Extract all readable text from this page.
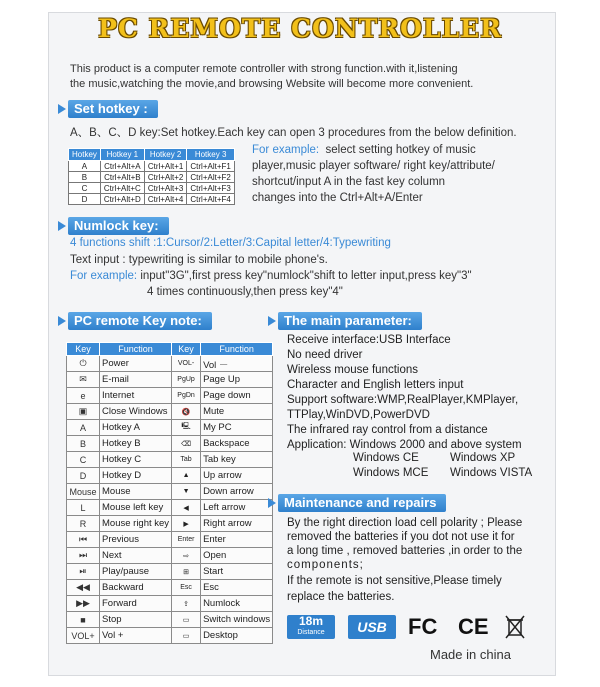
PC REMOTE CONTROLLER
This product is a computer remote controller with strong function.with it,listening
the music,watching the movie,and browsing Website will become more convenient.
Set hotkey :
A、B、C、D key:Set hotkey.Each key can open 3 procedures from the below definition.
Hotkey	Hotkey 1	Hotkey 2	Hotkey 3
A	Ctrl+Alt+A	Ctrl+Alt+1	Ctrl+Alt+F1
B	Ctrl+Alt+B	Ctrl+Alt+2	Ctrl+Alt+F2
C	Ctrl+Alt+C	Ctrl+Alt+3	Ctrl+Alt+F3
D	Ctrl+Alt+D	Ctrl+Alt+4	Ctrl+Alt+F4
For example: select setting hotkey of music
player,music player software/ right key/attribute/
shortcut/input A in the fast key column
changes into the Ctrl+Alt+A/Enter
Numlock key:
4 functions shift :1:Cursor/2:Letter/3:Capital letter/4:Typewriting
Text input : typewriting is similar to mobile phone's.
For example: input"3G",first press key"numlock"shift to letter input,press key"3"
4 times continuously,then press key"4"
PC remote Key note:
Key	Function	Key	Function
⏻	Power	VOL-	Vol －
✉	E-mail	PgUp	Page Up
e	Internet	PgDn	Page down
▣	Close Windows	🔇	Mute
A	Hotkey A	🖳	My PC
B	Hotkey B	⌫	Backspace
C	Hotkey C	Tab	Tab key
D	Hotkey D	▲	Up arrow
Mouse	Mouse	▼	Down arrow
L	Mouse left key	◀	Left arrow
R	Mouse right key	▶	Right arrow
⏮	Previous	Enter	Enter
⏭	Next	⇨	Open
⏯	Play/pause	⊞	Start
◀◀	Backward	Esc	Esc
▶▶	Forward	⇪	Numlock
■	Stop	▭	Switch windows
VOL+	Vol +	▭	Desktop
The main parameter:
Receive interface:USB Interface
No need driver
Wireless mouse functions
Character and English letters input
Support software:WMP,RealPlayer,KMPlayer,
TTPlay,WinDVD,PowerDVD
The infrared ray control from a distance
Application: Windows 2000 and above system
Windows CE	Windows XP
Windows MCE Windows VISTA
Maintenance and repairs
By the right direction load cell polarity ; Please
removed the batteries if you dot not use it for
a long time , removed batteries ,in order to the
components;
If the remote is not sensitive,Please timely
replace the batteries.
18m
Distance	USB FC CE
Made in china
